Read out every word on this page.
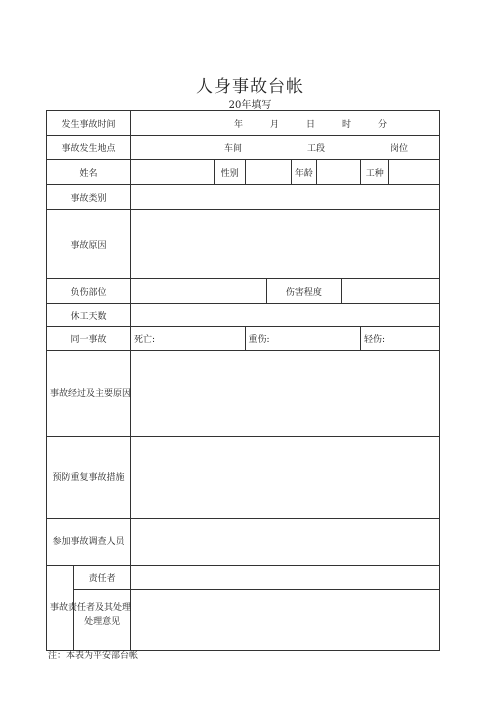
人身事故台帐
20年填写
发生事故时间		年 月 日 时 分								

事故发生地点		车间 工段 岗位								

姓名			性别			年龄			工种	
事故类别										
事故原因										
负伤部位					伤害程度					
休工天数										
同一事故		死亡:		重伤:					轻伤:	
事故经过及主要原因										
预防重复事故措施										
参加事故调查人员										
事故责任者及其处理	责任者									
	处理意见									
注：本表为平安部台帐
